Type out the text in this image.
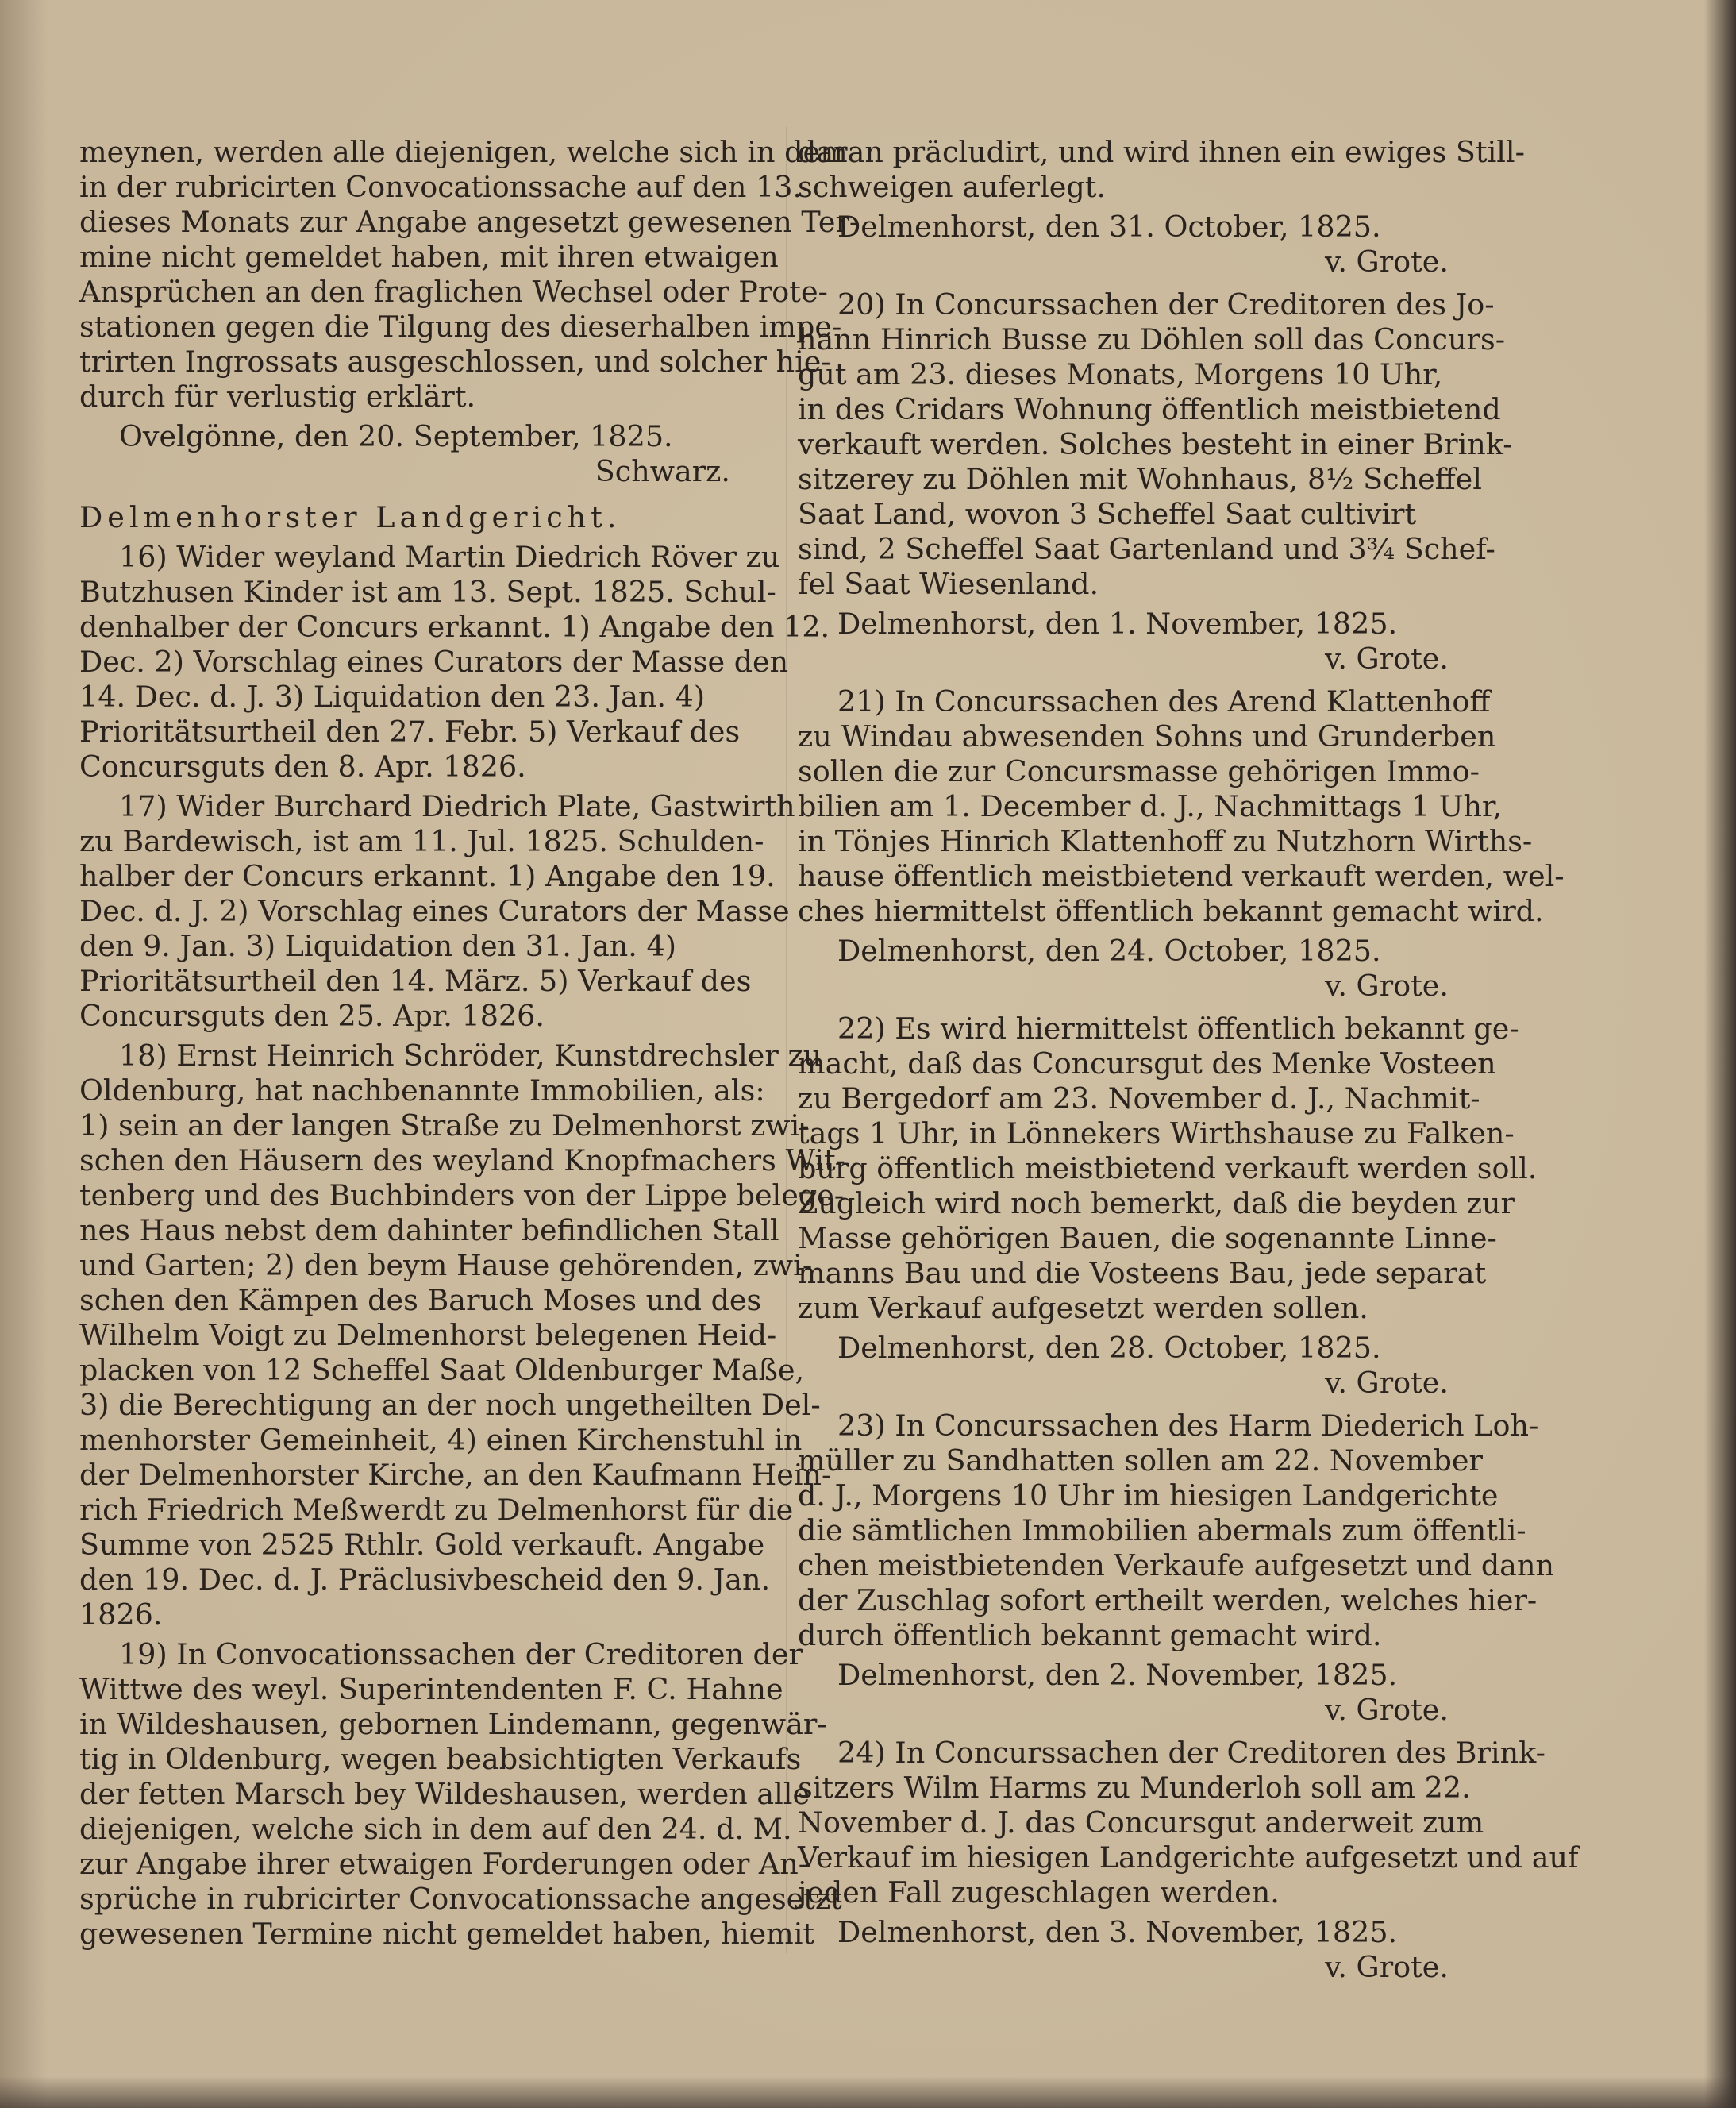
meynen, werden alle diejenigen, welche sich in dem
in der rubricirten Convocationssache auf den 13.
dieses Monats zur Angabe angesetzt gewesenen Ter-
mine nicht gemeldet haben, mit ihren etwaigen
Ansprüchen an den fraglichen Wechsel oder Prote-
stationen gegen die Tilgung des dieserhalben impe-
trirten Ingrossats ausgeschlossen, und solcher hie-
durch für verlustig erklärt.

Ovelgönne, den 20. September, 1825.

Schwarz.

Delmenhorster Landgericht.
16) Wider weyland Martin Diedrich Röver zu
Butzhusen Kinder ist am 13. Sept. 1825. Schul-
denhalber der Concurs erkannt. 1) Angabe den 12.
Dec. 2) Vorschlag eines Curators der Masse den
14. Dec. d. J. 3) Liquidation den 23. Jan. 4)
Prioritätsurtheil den 27. Febr. 5) Verkauf des
Concursguts den 8. Apr. 1826.
17) Wider Burchard Diedrich Plate, Gastwirth
zu Bardewisch, ist am 11. Jul. 1825. Schulden-
halber der Concurs erkannt. 1) Angabe den 19.
Dec. d. J. 2) Vorschlag eines Curators der Masse
den 9. Jan. 3) Liquidation den 31. Jan. 4)
Prioritätsurtheil den 14. März. 5) Verkauf des
Concursguts den 25. Apr. 1826.
18) Ernst Heinrich Schröder, Kunstdrechsler zu
Oldenburg, hat nachbenannte Immobilien, als:
1) sein an der langen Straße zu Delmenhorst zwi-
schen den Häusern des weyland Knopfmachers Wit-
tenberg und des Buchbinders von der Lippe belege-
nes Haus nebst dem dahinter befindlichen Stall
und Garten; 2) den beym Hause gehörenden, zwi-
schen den Kämpen des Baruch Moses und des
Wilhelm Voigt zu Delmenhorst belegenen Heid-
placken von 12 Scheffel Saat Oldenburger Maße,
3) die Berechtigung an der noch ungetheilten Del-
menhorster Gemeinheit, 4) einen Kirchenstuhl in
der Delmenhorster Kirche, an den Kaufmann Hein-
rich Friedrich Meßwerdt zu Delmenhorst für die
Summe von 2525 Rthlr. Gold verkauft. Angabe
den 19. Dec. d. J. Präclusivbescheid den 9. Jan.
1826.
19) In Convocationssachen der Creditoren der
Wittwe des weyl. Superintendenten F. C. Hahne
in Wildeshausen, gebornen Lindemann, gegenwär-
tig in Oldenburg, wegen beabsichtigten Verkaufs
der fetten Marsch bey Wildeshausen, werden alle
diejenigen, welche sich in dem auf den 24. d. M.
zur Angabe ihrer etwaigen Forderungen oder An-
sprüche in rubricirter Convocationssache angesetzt
gewesenen Termine nicht gemeldet haben, hiemit
daran präcludirt, und wird ihnen ein ewiges Still-
schweigen auferlegt.

Delmenhorst, den 31. October, 1825.

v. Grote.

20) In Concurssachen der Creditoren des Jo-
hann Hinrich Busse zu Döhlen soll das Concurs-
gut am 23. dieses Monats, Morgens 10 Uhr,
in des Cridars Wohnung öffentlich meistbietend
verkauft werden. Solches besteht in einer Brink-
sitzerey zu Döhlen mit Wohnhaus, 8½ Scheffel
Saat Land, wovon 3 Scheffel Saat cultivirt
sind, 2 Scheffel Saat Gartenland und 3¾ Schef-
fel Saat Wiesenland.

Delmenhorst, den 1. November, 1825.

v. Grote.

21) In Concurssachen des Arend Klattenhoff
zu Windau abwesenden Sohns und Grunderben
sollen die zur Concursmasse gehörigen Immo-
bilien am 1. December d. J., Nachmittags 1 Uhr,
in Tönjes Hinrich Klattenhoff zu Nutzhorn Wirths-
hause öffentlich meistbietend verkauft werden, wel-
ches hiermittelst öffentlich bekannt gemacht wird.

Delmenhorst, den 24. October, 1825.

v. Grote.

22) Es wird hiermittelst öffentlich bekannt ge-
macht, daß das Concursgut des Menke Vosteen
zu Bergedorf am 23. November d. J., Nachmit-
tags 1 Uhr, in Lönnekers Wirthshause zu Falken-
burg öffentlich meistbietend verkauft werden soll.
Zugleich wird noch bemerkt, daß die beyden zur
Masse gehörigen Bauen, die sogenannte Linne-
manns Bau und die Vosteens Bau, jede separat
zum Verkauf aufgesetzt werden sollen.

Delmenhorst, den 28. October, 1825.

v. Grote.

23) In Concurssachen des Harm Diederich Loh-
müller zu Sandhatten sollen am 22. November
d. J., Morgens 10 Uhr im hiesigen Landgerichte
die sämtlichen Immobilien abermals zum öffentli-
chen meistbietenden Verkaufe aufgesetzt und dann
der Zuschlag sofort ertheilt werden, welches hier-
durch öffentlich bekannt gemacht wird.

Delmenhorst, den 2. November, 1825.

v. Grote.

24) In Concurssachen der Creditoren des Brink-
sitzers Wilm Harms zu Munderloh soll am 22.
November d. J. das Concursgut anderweit zum
Verkauf im hiesigen Landgerichte aufgesetzt und auf
jeden Fall zugeschlagen werden.

Delmenhorst, den 3. November, 1825.

v. Grote.
